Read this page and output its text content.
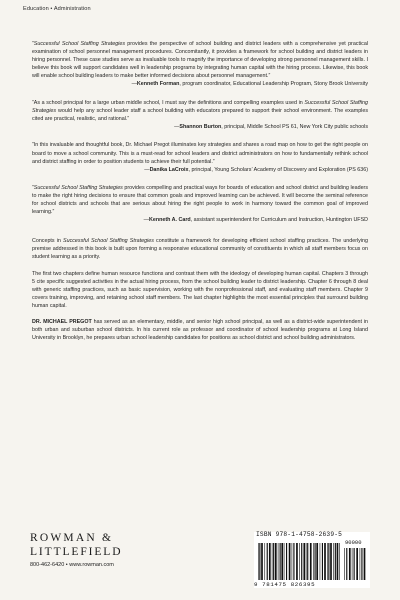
Education • Administration

“Successful School Staffing Strategies provides the perspective of school building and district leaders with a comprehensive yet practical examination of school personnel management procedures. Concomitantly, it provides a framework for school building and district leaders in hiring personnel. These case studies serve as invaluable tools to magnify the importance of developing strong personnel management skills. I believe this book will support candidates well in leadership programs by integrating human capital with the hiring process. Likewise, this book will enable school building leaders to make better informed decisions about personnel management.”

—Kenneth Forman, program coordinator, Educational Leadership Program, Stony Brook University

“As a school principal for a large urban middle school, I must say the definitions and compelling examples used in Successful School Staffing Strategies would help any school leader staff a school building with educators prepared to support their school environment. The examples cited are practical, realistic, and rational.”

—Shannon Burton, principal, Middle School PS 61, New York City public schools

“In this invaluable and thoughtful book, Dr. Michael Pregot illuminates key strategies and shares a road map on how to get the right people on board to move a school community. This is a must-read for school leaders and district administrators on how to fundamentally rethink school and district staffing in order to position students to achieve their full potential.”

—Danika LaCroix, principal, Young Scholars’ Academy of Discovery and Exploration (PS 636)

“Successful School Staffing Strategies provides compelling and practical ways for boards of education and school district and building leaders to make the right hiring decisions to ensure that common goals and improved learning can be achieved. It will become the seminal reference for school districts and schools that are serious about hiring the right people to work in harmony toward the common goal of improved learning.”

—Kenneth A. Card, assistant superintendent for Curriculum and Instruction, Huntington UFSD

Concepts in Successful School Staffing Strategies constitute a framework for developing efficient school staffing practices. The underlying premise addressed in this book is built upon forming a responsive educational community of constituents in which all staff members focus on student learning as a priority.

The first two chapters define human resource functions and contrast them with the ideology of developing human capital. Chapters 3 through 5 cite specific suggested activities in the actual hiring process, from the school building leader to district leadership. Chapter 6 through 8 deal with generic staffing practices, such as basic supervision, working with the nonprofessional staff, and evaluating staff members. Chapter 9 covers training, improving, and retaining school staff members. The last chapter highlights the most essential principles that surround building human capital.

DR. MICHAEL PREGOT has served as an elementary, middle, and senior high school principal, as well as a district-wide superintendent in both urban and suburban school districts. In his current role as professor and coordinator of school leadership programs at Long Island University in Brooklyn, he prepares urban school leadership candidates for positions as school district and school building administrators.

ROWMAN &
LITTLEFIELD
800-462-6420 • www.rowman.com
ISBN 978-1-4758-2639-5
90000
9 781475 826395
